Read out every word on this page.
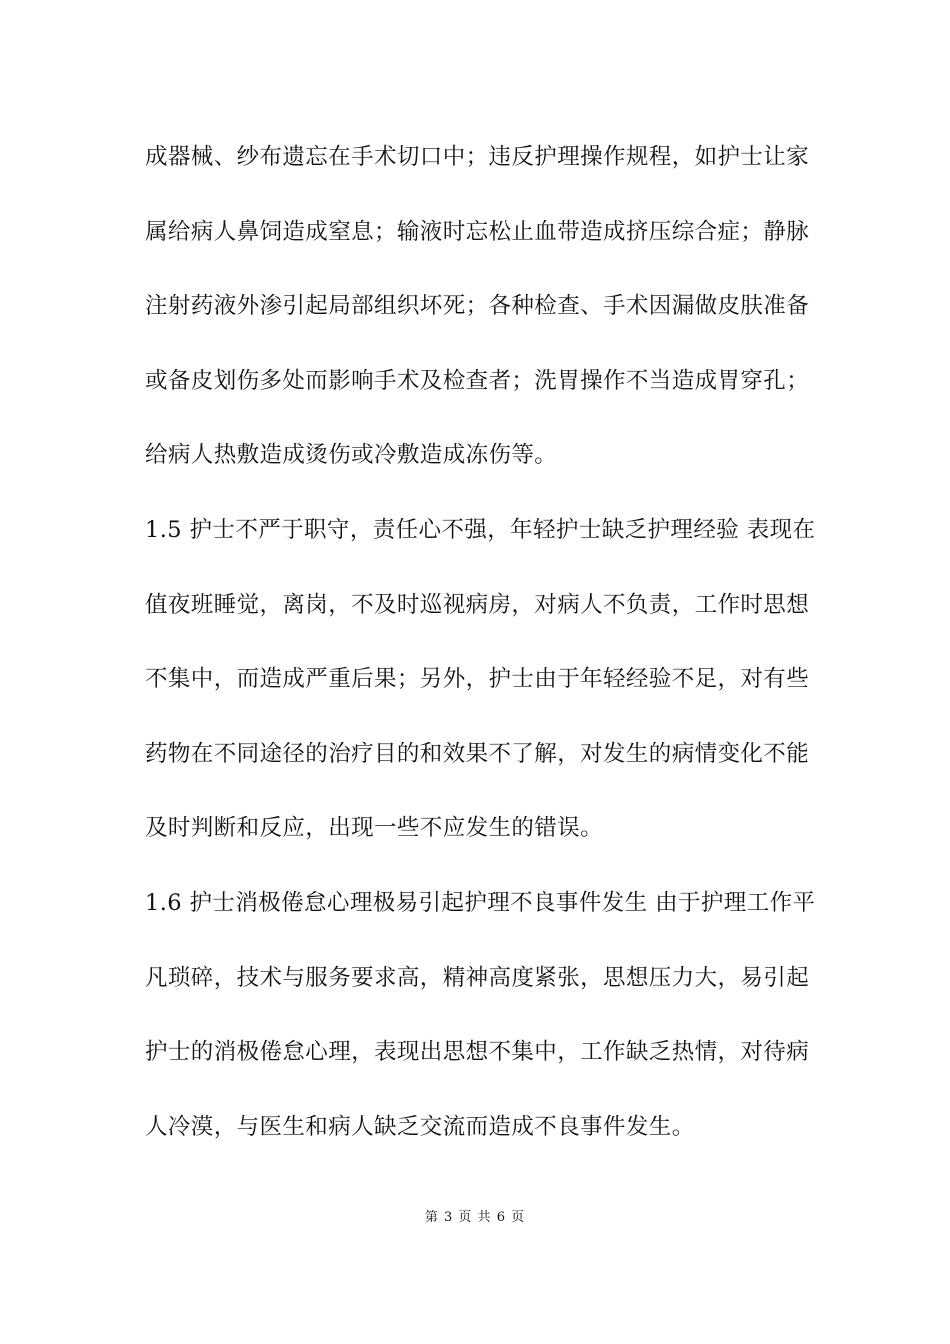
成器械、纱布遗忘在手术切口中；违反护理操作规程，如护士让家
属给病人鼻饲造成窒息；输液时忘松止血带造成挤压综合症；静脉
注射药液外渗引起局部组织坏死；各种检查、手术因漏做皮肤准备
或备皮划伤多处而影响手术及检查者；洗胃操作不当造成胃穿孔；
给病人热敷造成烫伤或冷敷造成冻伤等。
1.5 护士不严于职守，责任心不强，年轻护士缺乏护理经验 表现在
值夜班睡觉，离岗，不及时巡视病房，对病人不负责，工作时思想
不集中，而造成严重后果；另外，护士由于年轻经验不足，对有些
药物在不同途径的治疗目的和效果不了解，对发生的病情变化不能
及时判断和反应，出现一些不应发生的错误。
1.6 护士消极倦怠心理极易引起护理不良事件发生 由于护理工作平
凡琐碎，技术与服务要求高，精神高度紧张，思想压力大，易引起
护士的消极倦怠心理，表现出思想不集中，工作缺乏热情，对待病
人冷漠，与医生和病人缺乏交流而造成不良事件发生。
第 3 页 共 6 页
